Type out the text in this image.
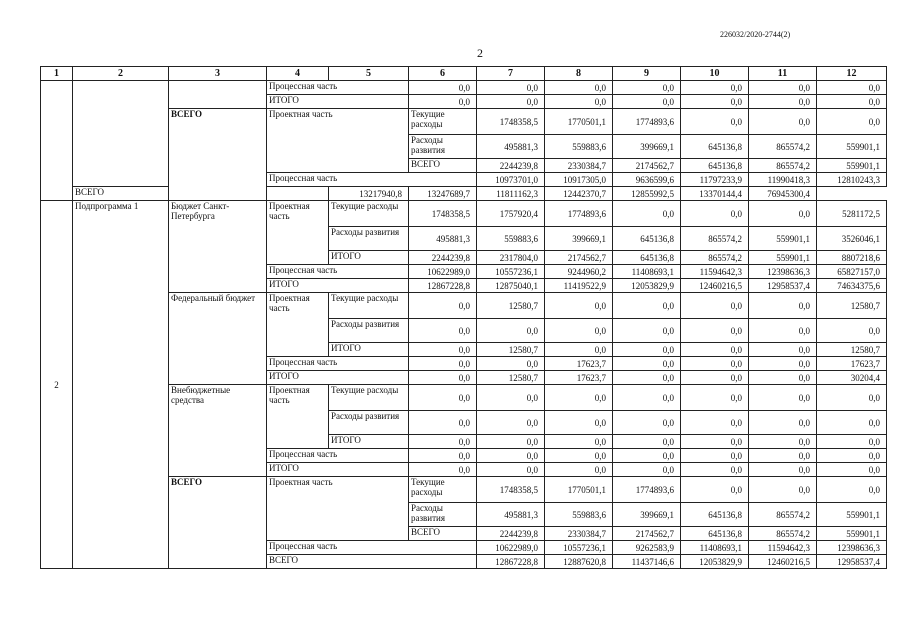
226032/2020-2744(2)
2
1	2	3	4	5	6	7	8	9	10	11	12	
			Процессная часть		0,0	0,0	0,0	0,0	0,0	0,0	0,0	
			ИТОГО		0,0	0,0	0,0	0,0	0,0	0,0	0,0	
		ВСЕГО	Проектная часть		Текущие расходы	1748358,5	1770501,1	1774893,6	0,0	0,0	0,0	
					Расходы развития	495881,3	559883,6	399669,1	645136,8	865574,2	559901,1	
					ВСЕГО	2244239,8	2330384,7	2174562,7	645136,8	865574,2	559901,1	
			Процессная часть			10973701,0	10917305,0	9636599,6	11797233,9	11990418,3	12810243,3	
	ВСЕГО			13217940,8	13247689,7	11811162,3	12442370,7	12855992,5	13370144,4	76945300,4		
2	Подпрограмма 1	Бюджет Санкт-Петербурга	Проектная часть	Текущие расходы	1748358,5	1757920,4	1774893,6	0,0	0,0	0,0	5281172,5	
				Расходы развития	495881,3	559883,6	399669,1	645136,8	865574,2	559901,1	3526046,1	
				ИТОГО	2244239,8	2317804,0	2174562,7	645136,8	865574,2	559901,1	8807218,6	
			Процессная часть		10622989,0	10557236,1	9244960,2	11408693,1	11594642,3	12398636,3	65827157,0	
			ИТОГО		12867228,8	12875040,1	11419522,9	12053829,9	12460216,5	12958537,4	74634375,6	
		Федеральный бюджет	Проектная часть	Текущие расходы	0,0	12580,7	0,0	0,0	0,0	0,0	12580,7	
				Расходы развития	0,0	0,0	0,0	0,0	0,0	0,0	0,0	
				ИТОГО	0,0	12580,7	0,0	0,0	0,0	0,0	12580,7	
			Процессная часть		0,0	0,0	17623,7	0,0	0,0	0,0	17623,7	
			ИТОГО		0,0	12580,7	17623,7	0,0	0,0	0,0	30204,4	
		Внебюджетные средства	Проектная часть	Текущие расходы	0,0	0,0	0,0	0,0	0,0	0,0	0,0	
				Расходы развития	0,0	0,0	0,0	0,0	0,0	0,0	0,0	
				ИТОГО	0,0	0,0	0,0	0,0	0,0	0,0	0,0	
			Процессная часть		0,0	0,0	0,0	0,0	0,0	0,0	0,0	
			ИТОГО		0,0	0,0	0,0	0,0	0,0	0,0	0,0	
		ВСЕГО	Проектная часть		Текущие расходы	1748358,5	1770501,1	1774893,6	0,0	0,0	0,0	
					Расходы развития	495881,3	559883,6	399669,1	645136,8	865574,2	559901,1	
					ВСЕГО	2244239,8	2330384,7	2174562,7	645136,8	865574,2	559901,1	
			Процессная часть			10622989,0	10557236,1	9262583,9	11408693,1	11594642,3	12398636,3	
			ВСЕГО			12867228,8	12887620,8	11437146,6	12053829,9	12460216,5	12958537,4	
